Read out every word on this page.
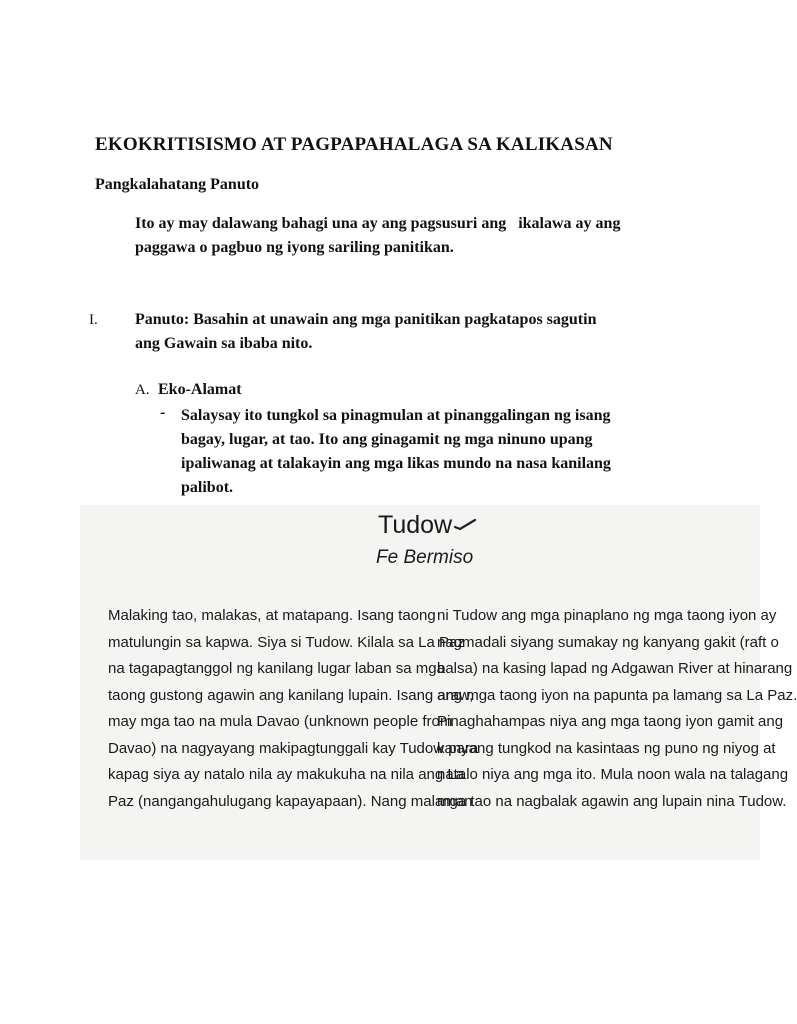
EKOKRITISISMO AT PAGPAPAHALAGA SA KALIKASAN
Pangkalahatang Panuto
Ito ay may dalawang bahagi una ay ang pagsusuri ang   ikalawa ay ang
paggawa o pagbuo ng iyong sariling panitikan.
I. Panuto: Basahin at unawain ang mga panitikan pagkatapos sagutin
ang Gawain sa ibaba nito.
A. Eko-Alamat
- Salaysay ito tungkol sa pinagmulan at pinanggalingan ng isang
bagay, lugar, at tao. Ito ang ginagamit ng mga ninuno upang
ipaliwanag at talakayin ang mga likas mundo na nasa kanilang
palibot.
Tudow
Fe Bermiso
Malaking tao, malakas, at matapang. Isang taong
matulungin sa kapwa. Siya si Tudow. Kilala sa La Paz
na tagapagtanggol ng kanilang lugar laban sa mga
taong gustong agawin ang kanilang lupain. Isang araw,
may mga tao na mula Davao (unknown people from
Davao) na nagyayang makipagtunggali kay Tudow para
kapag siya ay natalo nila ay makukuha na nila ang La
Paz (nangangahulugang kapayapaan). Nang malaman
ni Tudow ang mga pinaplano ng mga taong iyon ay
nagmadali siyang sumakay ng kanyang gakit (raft o
balsa) na kasing lapad ng Adgawan River at hinarang
ang mga taong iyon na papunta pa lamang sa La Paz.
Pinaghahampas niya ang mga taong iyon gamit ang
kanyang tungkod na kasintaas ng puno ng niyog at
natalo niya ang mga ito. Mula noon wala na talagang
mga tao na nagbalak agawin ang lupain nina Tudow.
